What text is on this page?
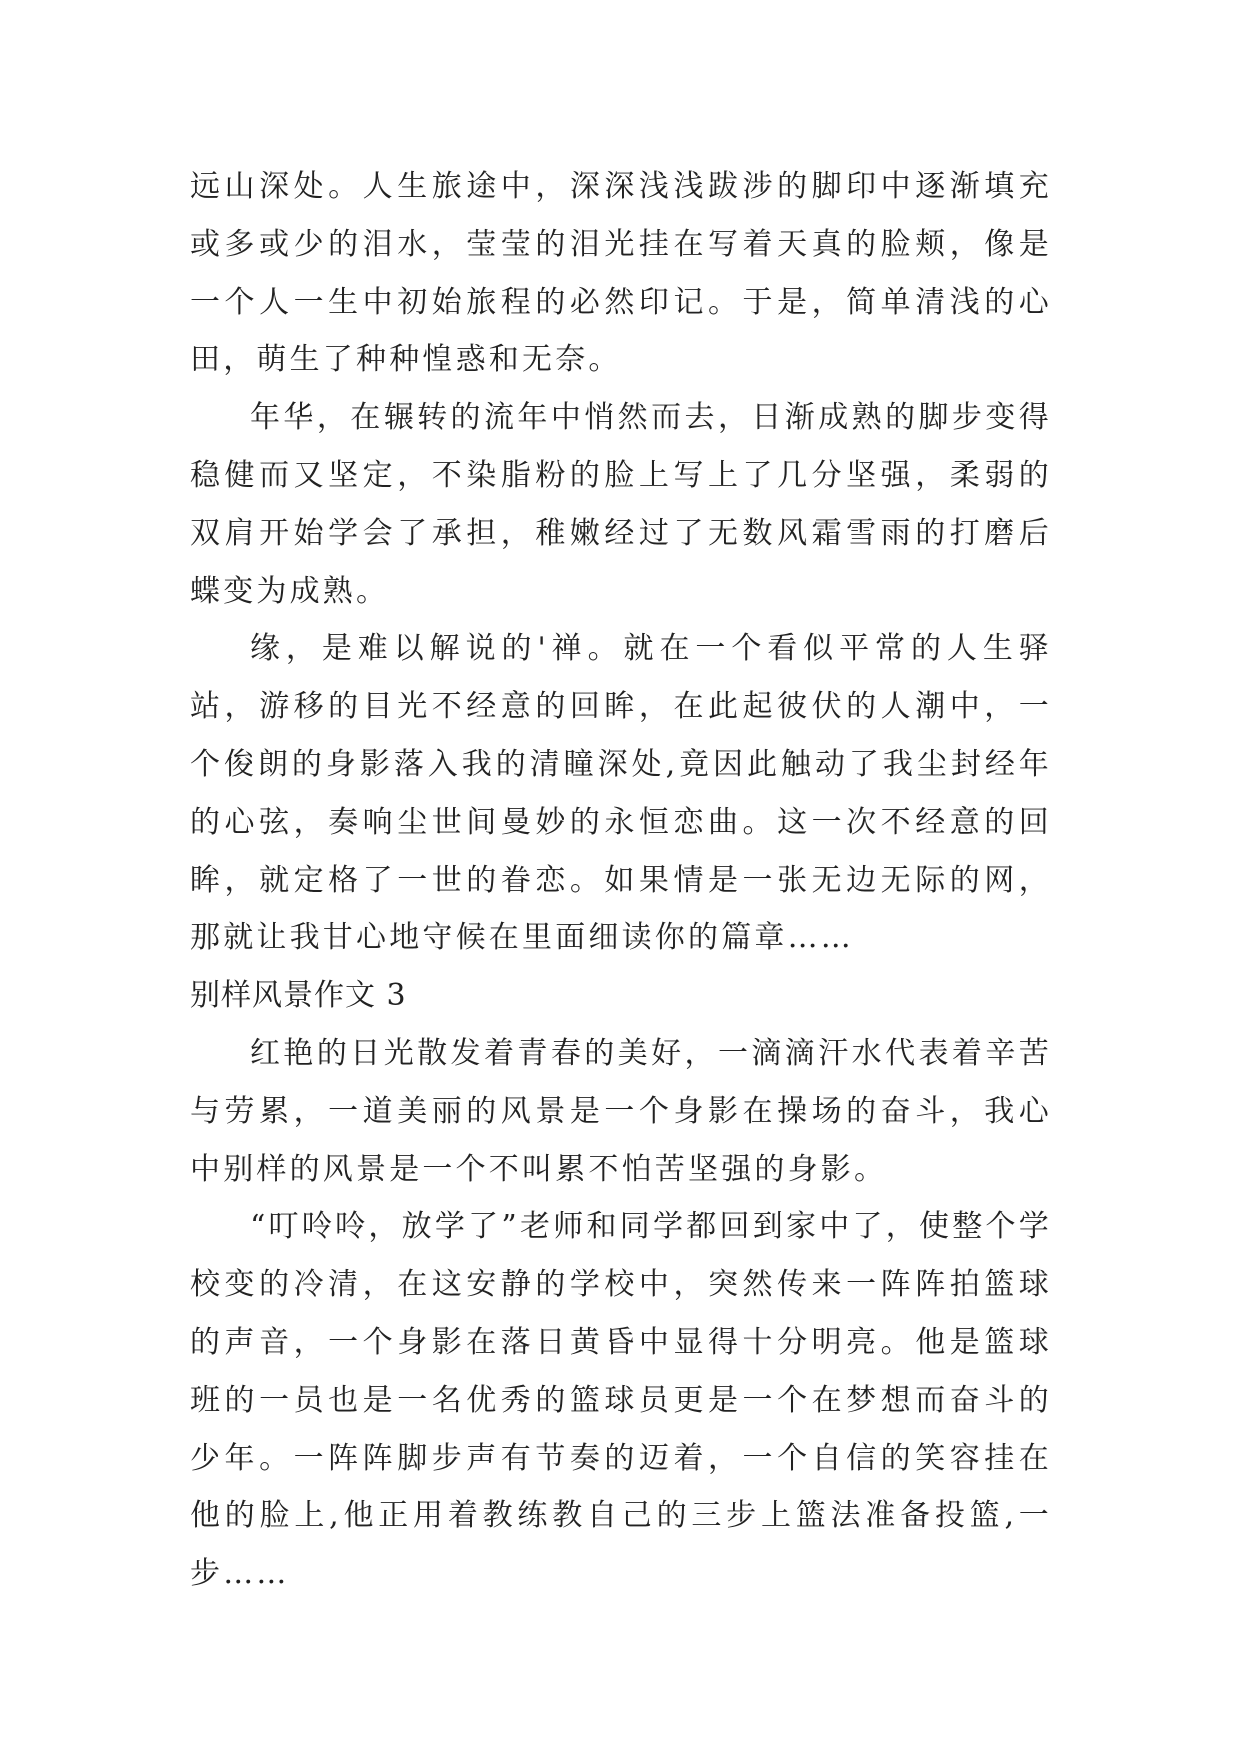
远山深处。人生旅途中，深深浅浅跋涉的脚印中逐渐填充或多或少的泪水，莹莹的泪光挂在写着天真的脸颊，像是一个人一生中初始旅程的必然印记。于是，简单清浅的心田，萌生了种种惶惑和无奈。

年华，在辗转的流年中悄然而去，日渐成熟的脚步变得稳健而又坚定，不染脂粉的脸上写上了几分坚强，柔弱的双肩开始学会了承担，稚嫩经过了无数风霜雪雨的打磨后蝶变为成熟。

缘，是难以解说的'禅。就在一个看似平常的人生驿站，游移的目光不经意的回眸，在此起彼伏的人潮中，一个俊朗的身影落入我的清瞳深处,竟因此触动了我尘封经年的心弦，奏响尘世间曼妙的永恒恋曲。这一次不经意的回眸，就定格了一世的眷恋。如果情是一张无边无际的网，那就让我甘心地守候在里面细读你的篇章……

别样风景作文 3

红艳的日光散发着青春的美好，一滴滴汗水代表着辛苦与劳累，一道美丽的风景是一个身影在操场的奋斗，我心中别样的风景是一个不叫累不怕苦坚强的身影。

“叮呤呤，放学了”老师和同学都回到家中了，使整个学校变的冷清，在这安静的学校中，突然传来一阵阵拍篮球的声音，一个身影在落日黄昏中显得十分明亮。他是篮球班的一员也是一名优秀的篮球员更是一个在梦想而奋斗的少年。一阵阵脚步声有节奏的迈着，一个自信的笑容挂在他的脸上,他正用着教练教自己的三步上篮法准备投篮,一步……
